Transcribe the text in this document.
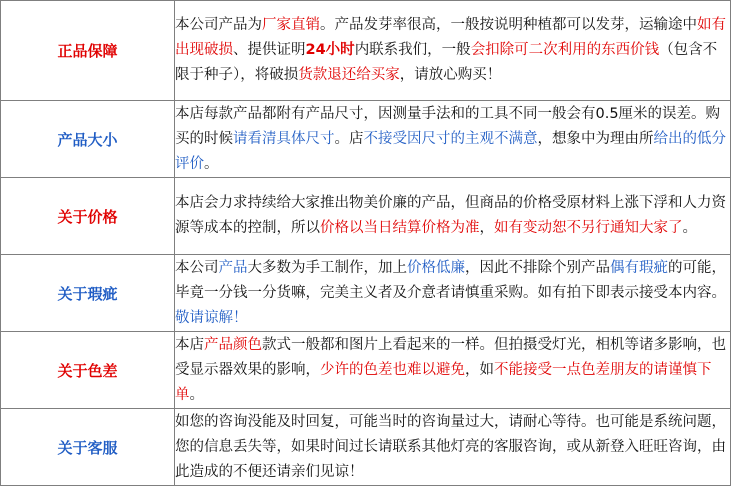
正品保障	本公司产品为厂家直销。产品发芽率很高，一般按说明种植都可以发芽，运输途中如有出现破损、提供证明24小时内联系我们，一般会扣除可二次利用的东西价钱（包含不限于种子），将破损货款退还给买家，请放心购买！
产品大小	本店每款产品都附有产品尺寸，因测量手法和的工具不同一般会有0.5厘米的误差。购买的时候请看清具体尺寸。店不接受因尺寸的主观不满意，想象中为理由所给出的低分评价。
关于价格	本店会力求持续给大家推出物美价廉的产品，但商品的价格受原材料上涨下浮和人力资源等成本的控制，所以价格以当日结算价格为准，如有变动恕不另行通知大家了。
关于瑕疵	本公司产品大多数为手工制作，加上价格低廉，因此不排除个别产品偶有瑕疵的可能，毕竟一分钱一分货嘛，完美主义者及介意者请慎重采购。如有拍下即表示接受本内容。敬请谅解！
关于色差	本店产品颜色款式一般都和图片上看起来的一样。但拍摄受灯光，相机等诸多影响，也受显示器效果的影响，少许的色差也难以避免，如不能接受一点色差朋友的请谨慎下单。
关于客服	如您的咨询没能及时回复，可能当时的咨询量过大，请耐心等待。也可能是系统问题，您的信息丢失等，如果时间过长请联系其他灯亮的客服咨询，或从新登入旺旺咨询，由此造成的不便还请亲们见谅！
